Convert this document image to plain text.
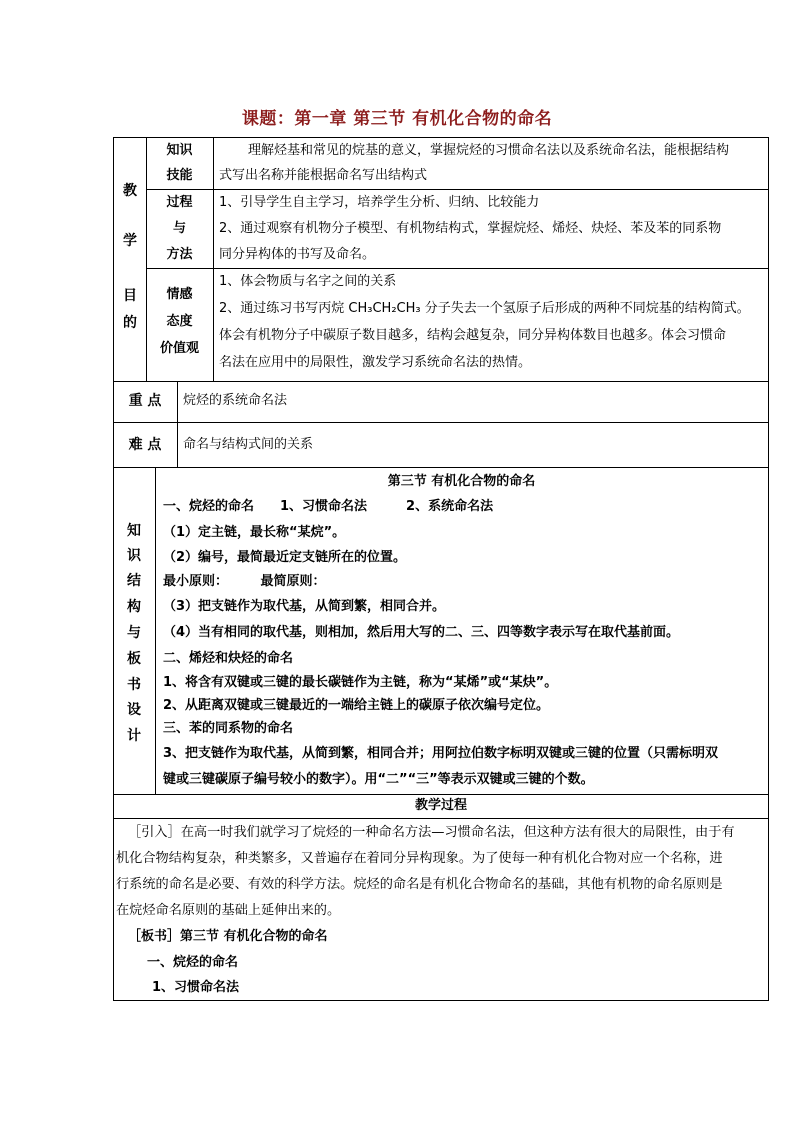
课题：第一章 第三节 有机化合物的命名
教
学
目
的
知识
技能
理解烃基和常见的烷基的意义，掌握烷烃的习惯命名法以及系统命名法，能根据结构
式写出名称并能根据命名写出结构式
过程
与
方法
1、引导学生自主学习，培养学生分析、归纳、比较能力
2、通过观察有机物分子模型、有机物结构式，掌握烷烃、烯烃、炔烃、苯及苯的同系物
同分异构体的书写及命名。
情感
态度
价值观
1、体会物质与名字之间的关系
2、通过练习书写丙烷 CH₃CH₂CH₃ 分子失去一个氢原子后形成的两种不同烷基的结构简式。
体会有机物分子中碳原子数目越多，结构会越复杂，同分异构体数目也越多。体会习惯命
名法在应用中的局限性，激发学习系统命名法的热情。
重 点	烷烃的系统命名法
难 点	命名与结构式间的关系
知
识
结
构
与
板
书
设
计
第三节 有机化合物的命名
一、烷烃的命名　　1、习惯命名法　　　2、系统命名法
（1）定主链，最长称“某烷”。
（2）编号，最简最近定支链所在的位置。
最小原则：　　　最简原则：
（3）把支链作为取代基，从简到繁，相同合并。
（4）当有相同的取代基，则相加，然后用大写的二、三、四等数字表示写在取代基前面。
二、烯烃和炔烃的命名
1、将含有双键或三键的最长碳链作为主链，称为“某烯”或“某炔”。
2、从距离双键或三键最近的一端给主链上的碳原子依次编号定位。
三、苯的同系物的命名
3、把支链作为取代基，从简到繁，相同合并；用阿拉伯数字标明双键或三键的位置（只需标明双
键或三键碳原子编号较小的数字）。用“二”“三”等表示双键或三键的个数。
教学过程
［引入］在高一时我们就学习了烷烃的一种命名方法—习惯命名法，但这种方法有很大的局限性，由于有
机化合物结构复杂，种类繁多，又普遍存在着同分异构现象。为了使每一种有机化合物对应一个名称，进
行系统的命名是必要、有效的科学方法。烷烃的命名是有机化合物命名的基础，其他有机物的命名原则是
在烷烃命名原则的基础上延伸出来的。
［板书］第三节 有机化合物的命名
一、烷烃的命名
1、习惯命名法
